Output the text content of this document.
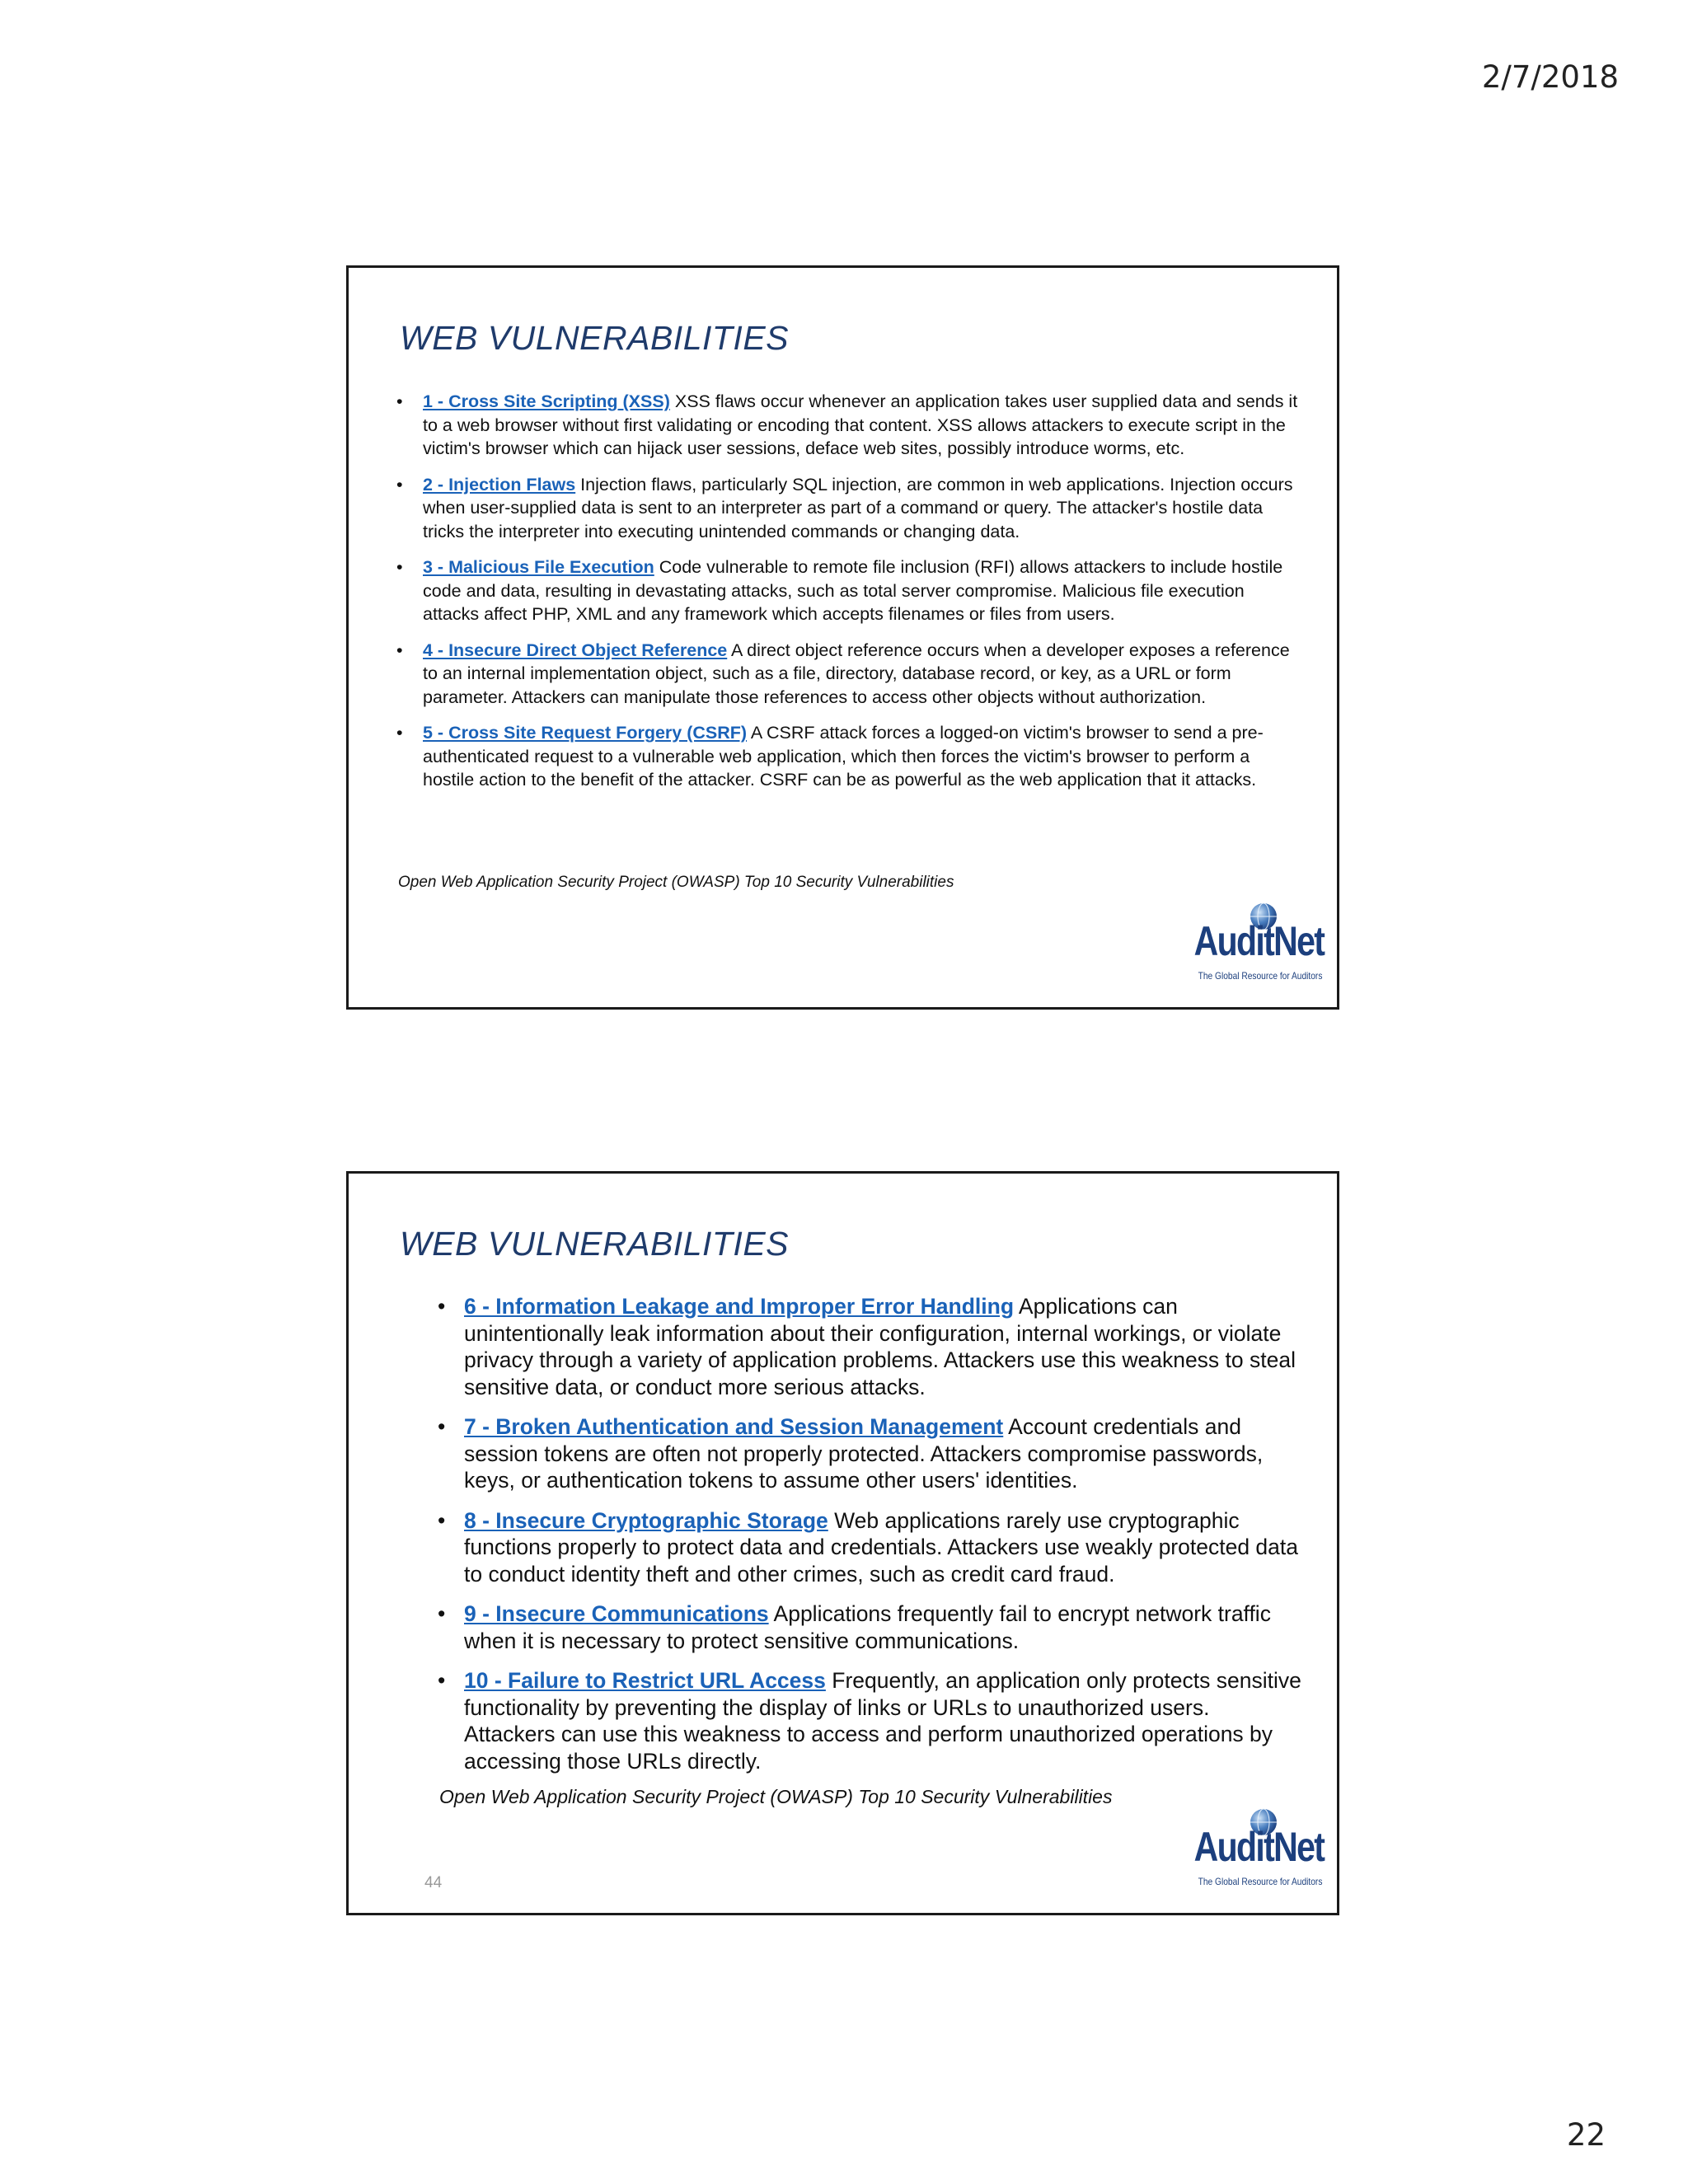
2/7/2018
WEB VULNERABILITIES
• 1 - Cross Site Scripting (XSS) XSS flaws occur whenever an application takes user supplied data and sends it to a web browser without first validating or encoding that content. XSS allows attackers to execute script in the victim's browser which can hijack user sessions, deface web sites, possibly introduce worms, etc.
• 2 - Injection Flaws Injection flaws, particularly SQL injection, are common in web applications. Injection occurs when user-supplied data is sent to an interpreter as part of a command or query. The attacker's hostile data tricks the interpreter into executing unintended commands or changing data.
• 3 - Malicious File Execution Code vulnerable to remote file inclusion (RFI) allows attackers to include hostile code and data, resulting in devastating attacks, such as total server compromise. Malicious file execution attacks affect PHP, XML and any framework which accepts filenames or files from users.
• 4 - Insecure Direct Object Reference A direct object reference occurs when a developer exposes a reference to an internal implementation object, such as a file, directory, database record, or key, as a URL or form parameter. Attackers can manipulate those references to access other objects without authorization.
• 5 - Cross Site Request Forgery (CSRF) A CSRF attack forces a logged-on victim's browser to send a pre-authenticated request to a vulnerable web application, which then forces the victim's browser to perform a hostile action to the benefit of the attacker. CSRF can be as powerful as the web application that it attacks.
Open Web Application Security Project (OWASP) Top 10 Security Vulnerabilities
AuditNet
The Global Resource for Auditors
WEB VULNERABILITIES
• 6 - Information Leakage and Improper Error Handling Applications can unintentionally leak information about their configuration, internal workings, or violate privacy through a variety of application problems. Attackers use this weakness to steal sensitive data, or conduct more serious attacks.
• 7 - Broken Authentication and Session Management Account credentials and session tokens are often not properly protected. Attackers compromise passwords, keys, or authentication tokens to assume other users' identities.
• 8 - Insecure Cryptographic Storage Web applications rarely use cryptographic functions properly to protect data and credentials. Attackers use weakly protected data to conduct identity theft and other crimes, such as credit card fraud.
• 9 - Insecure Communications Applications frequently fail to encrypt network traffic when it is necessary to protect sensitive communications.
• 10 - Failure to Restrict URL Access Frequently, an application only protects sensitive functionality by preventing the display of links or URLs to unauthorized users. Attackers can use this weakness to access and perform unauthorized operations by accessing those URLs directly.
Open Web Application Security Project (OWASP) Top 10 Security Vulnerabilities
AuditNet
The Global Resource for Auditors
44
22
